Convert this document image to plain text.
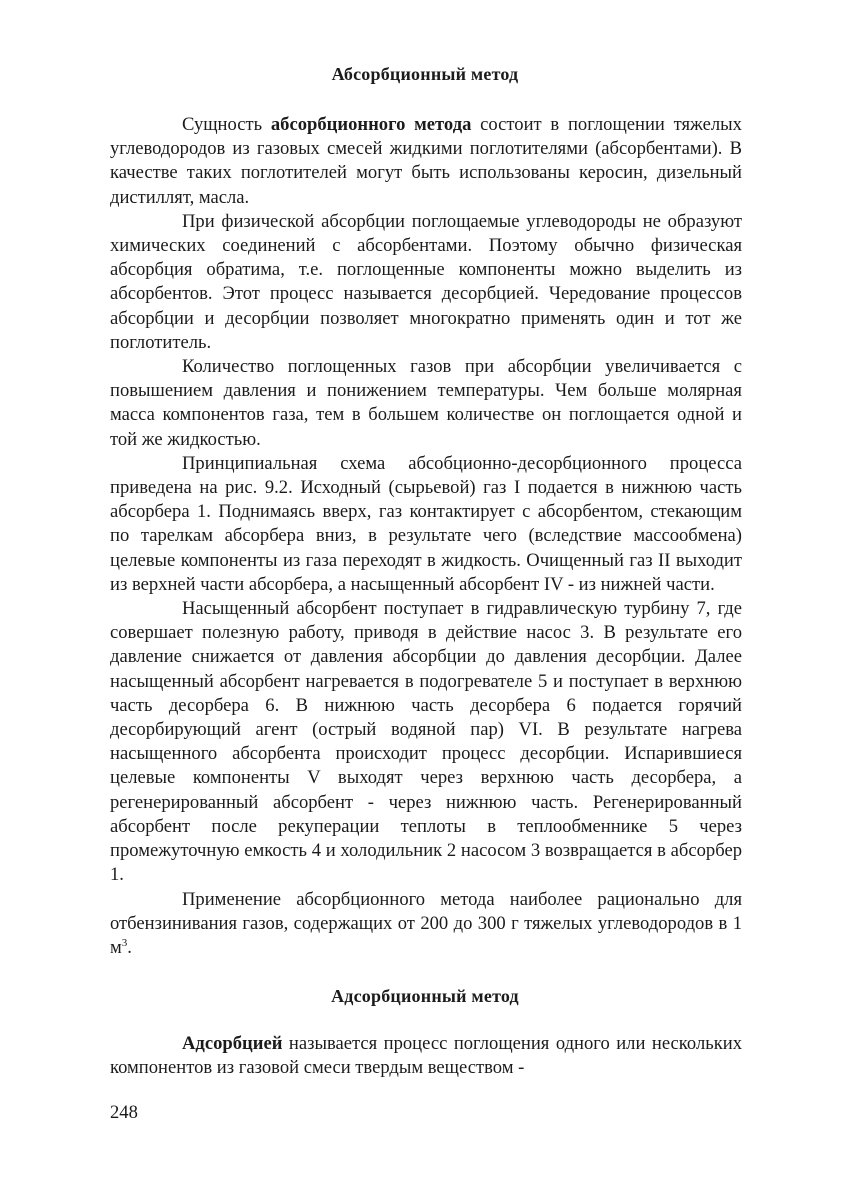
Абсорбционный метод

Сущность абсорбционного метода состоит в поглощении тяжелых углеводородов из газовых смесей жидкими поглотителями (абсорбентами). В качестве таких поглотителей могут быть использованы керосин, дизельный дистиллят, масла.

При физической абсорбции поглощаемые углеводороды не образуют химических соединений с абсорбентами. Поэтому обычно физическая абсорбция обратима, т.е. поглощенные компоненты можно выделить из абсорбентов. Этот процесс называется десорбцией. Чередование процессов абсорбции и десорбции позволяет многократно применять один и тот же поглотитель.

Количество поглощенных газов при абсорбции увеличивается с повышением давления и понижением температуры. Чем больше молярная масса компонентов газа, тем в большем количестве он поглощается одной и той же жидкостью.

Принципиальная схема абсобционно-десорбционного процесса приведена на рис. 9.2. Исходный (сырьевой) газ I подается в нижнюю часть абсорбера 1. Поднимаясь вверх, газ контактирует с абсорбентом, стекающим по тарелкам абсорбера вниз, в результате чего (вследствие массообмена) целевые компоненты из газа переходят в жидкость. Очищенный газ II выходит из верхней части абсорбера, а насыщенный абсорбент IV - из нижней части.

Насыщенный абсорбент поступает в гидравлическую турбину 7, где совершает полезную работу, приводя в действие насос 3. В результате его давление снижается от давления абсорбции до давления десорбции. Далее насыщенный абсорбент нагревается в подогревателе 5 и поступает в верхнюю часть десорбера 6. В нижнюю часть десорбера 6 подается горячий десорбирующий агент (острый водяной пар) VI. В результате нагрева насыщенного абсорбента происходит процесс десорбции. Испарившиеся целевые компоненты V выходят через верхнюю часть десорбера, а регенерированный абсорбент - через нижнюю часть. Регенерированный абсорбент после рекуперации теплоты в теплообменнике 5 через промежуточную емкость 4 и холодильник 2 насосом 3 возвращается в абсорбер 1.

Применение абсорбционного метода наиболее рационально для отбензинивания газов, содержащих от 200 до 300 г тяжелых углеводородов в 1 $м^3$.

Адсорбционный метод

Адсорбцией называется процесс поглощения одного или нескольких компонентов из газовой смеси твердым веществом -

248
